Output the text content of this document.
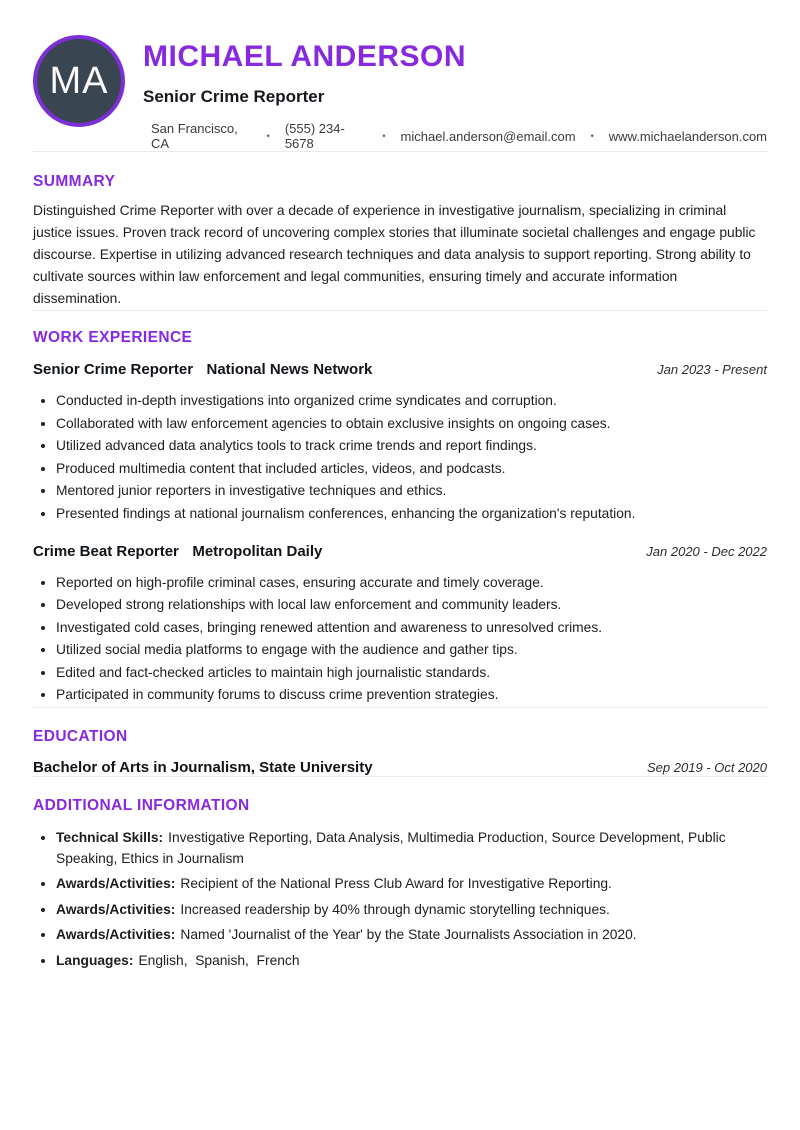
MA
MICHAEL ANDERSON
Senior Crime Reporter
San Francisco, CA	• (555) 234-5678	• michael.anderson@email.com • www.michaelanderson.com
SUMMARY

Distinguished Crime Reporter with over a decade of experience in investigative journalism, specializing in criminal justice issues. Proven track record of uncovering complex stories that illuminate societal challenges and engage public discourse. Expertise in utilizing advanced research techniques and data analysis to support reporting. Strong ability to cultivate sources within law enforcement and legal communities, ensuring timely and accurate information dissemination.

WORK EXPERIENCE
Senior Crime Reporter National News Network	Jan 2023 - Present
Conducted in-depth investigations into organized crime syndicates and corruption.
Collaborated with law enforcement agencies to obtain exclusive insights on ongoing cases.
Utilized advanced data analytics tools to track crime trends and report findings.
Produced multimedia content that included articles, videos, and podcasts.
Mentored junior reporters in investigative techniques and ethics.
Presented findings at national journalism conferences, enhancing the organization's reputation.
Crime Beat Reporter Metropolitan Daily	Jan 2020 - Dec 2022
Reported on high-profile criminal cases, ensuring accurate and timely coverage.
Developed strong relationships with local law enforcement and community leaders.
Investigated cold cases, bringing renewed attention and awareness to unresolved crimes.
Utilized social media platforms to engage with the audience and gather tips.
Edited and fact-checked articles to maintain high journalistic standards.
Participated in community forums to discuss crime prevention strategies.
EDUCATION
Bachelor of Arts in Journalism, State University	Sep 2019 - Oct 2020
ADDITIONAL INFORMATION
Technical Skills: Investigative Reporting, Data Analysis, Multimedia Production, Source Development, Public Speaking, Ethics in Journalism
Awards/Activities: Recipient of the National Press Club Award for Investigative Reporting.
Awards/Activities: Increased readership by 40% through dynamic storytelling techniques.
Awards/Activities: Named 'Journalist of the Year' by the State Journalists Association in 2020.
Languages: English,  Spanish,  French
